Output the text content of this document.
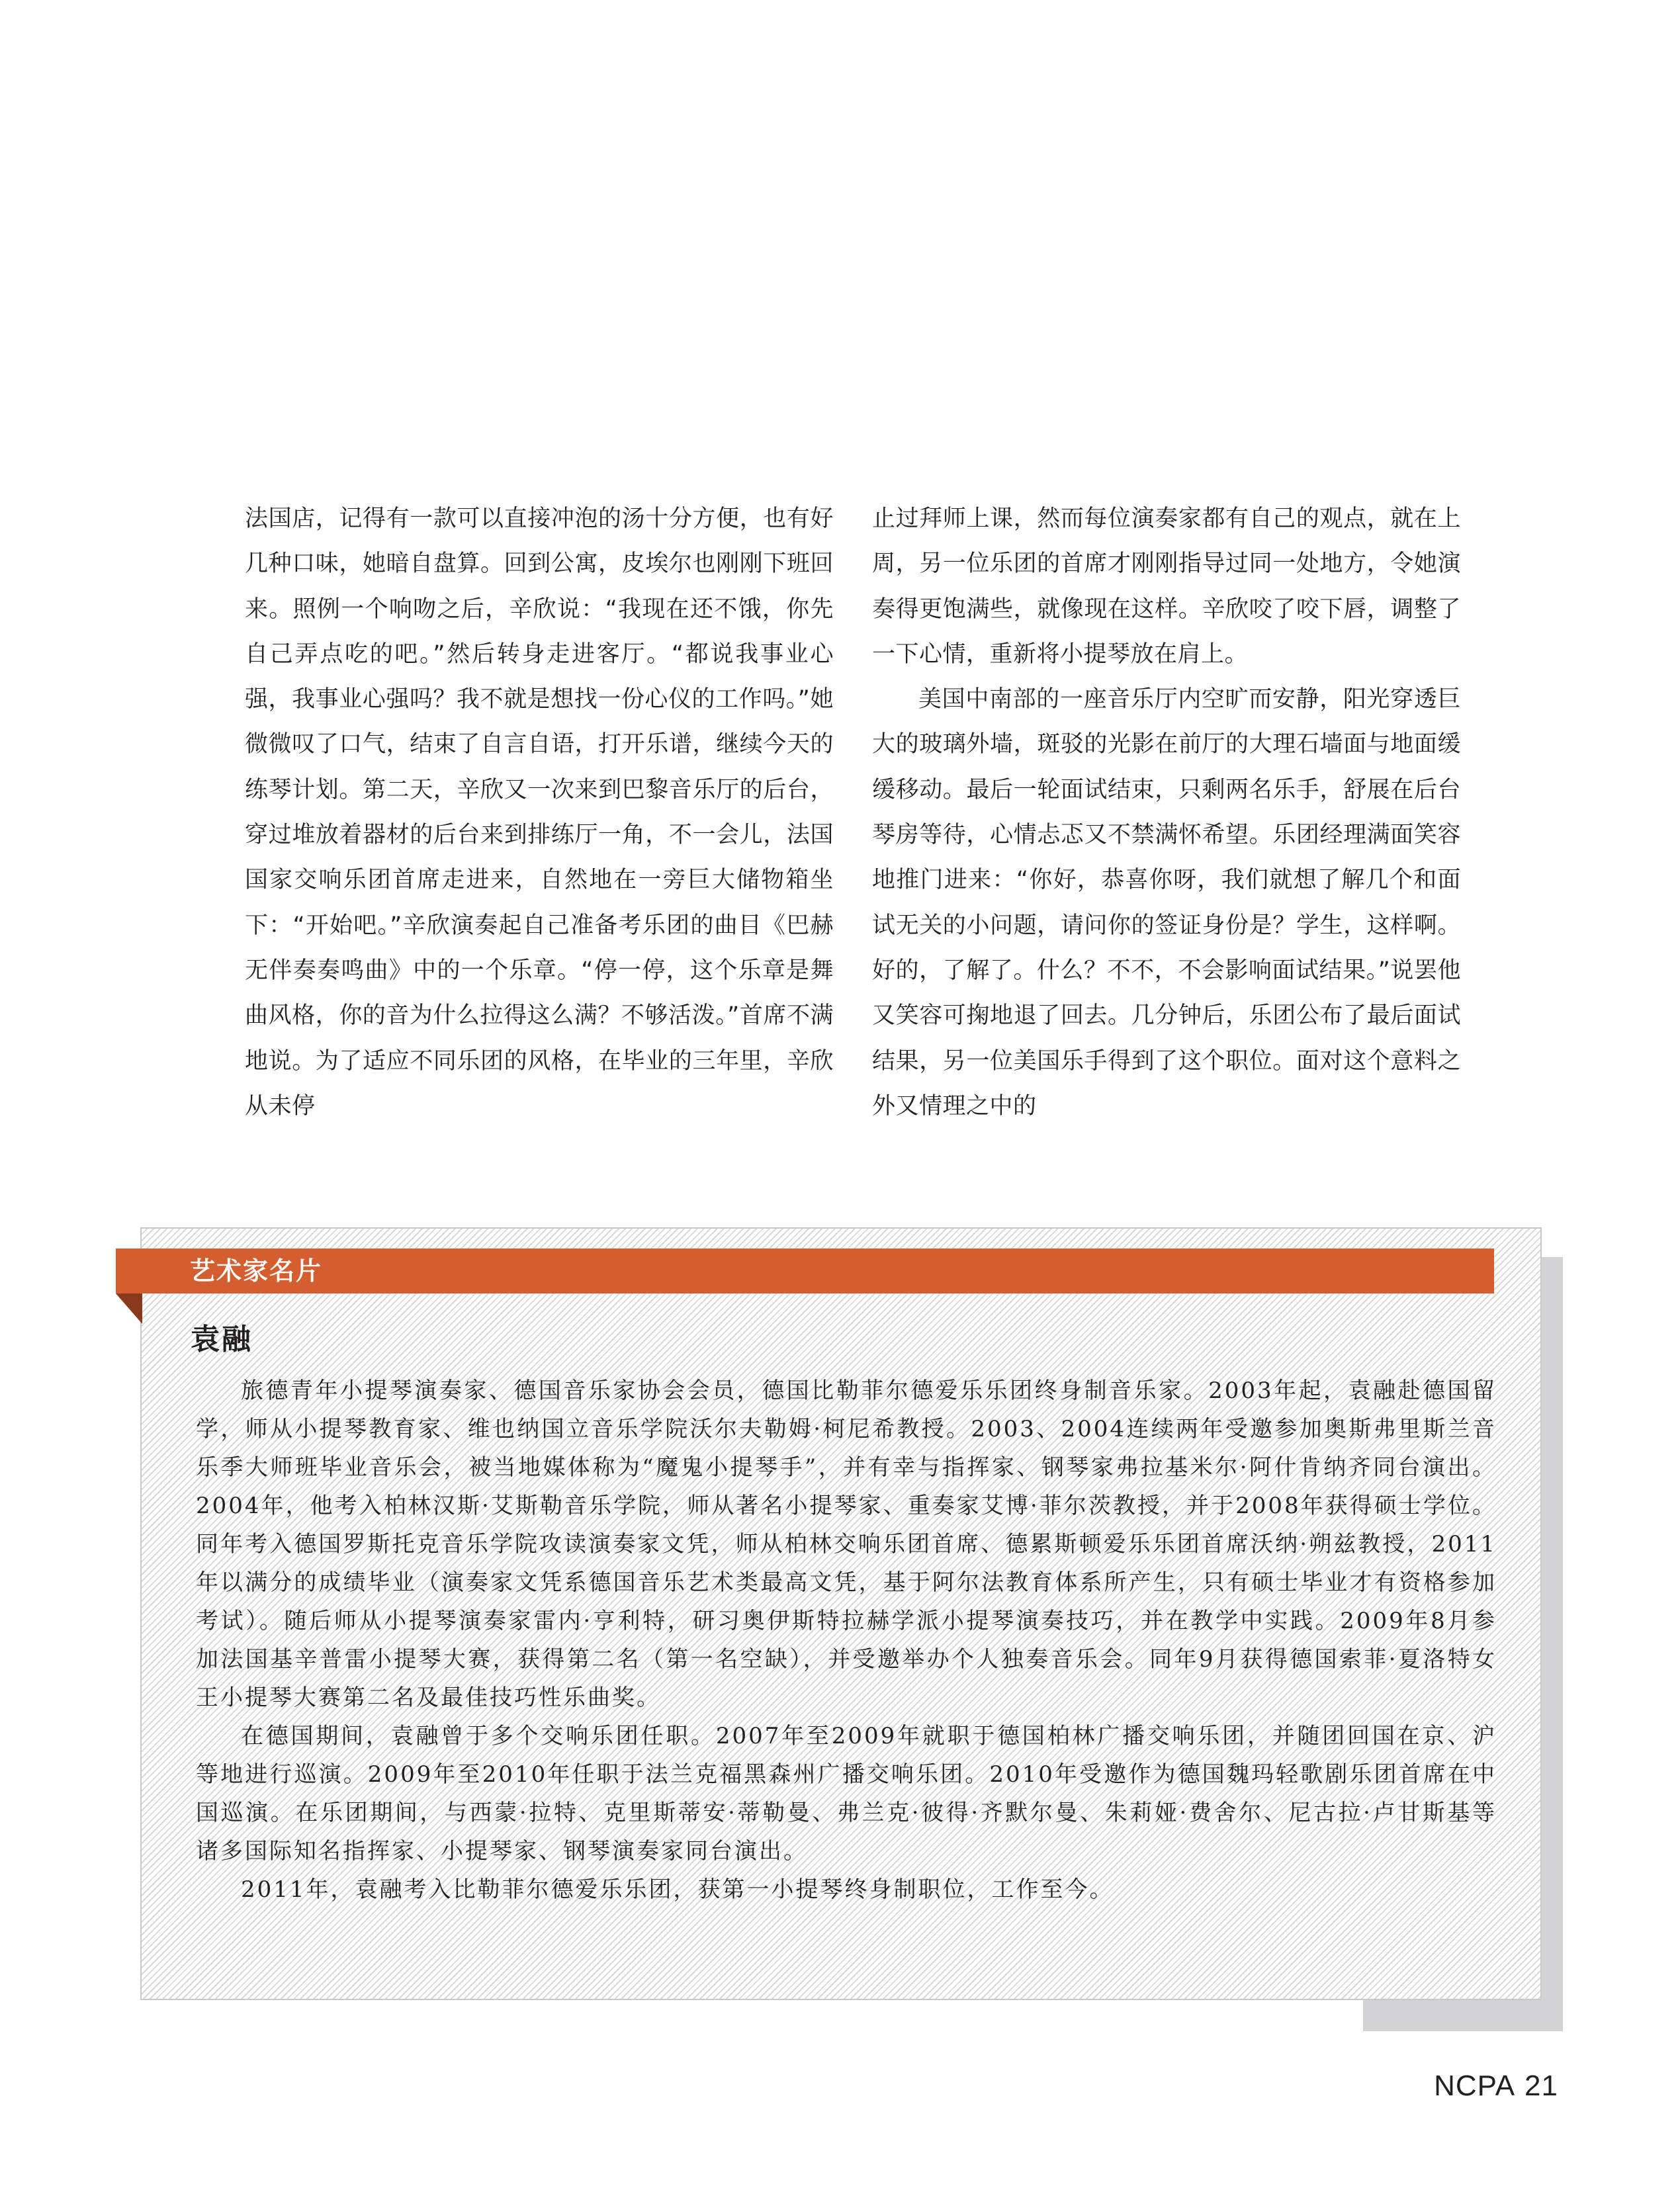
法国店，记得有一款可以直接冲泡的汤十分方便，也有好几种口味，她暗自盘算。回到公寓，皮埃尔也刚刚下班回来。照例一个响吻之后，辛欣说：“我现在还不饿，你先自己弄点吃的吧。”然后转身走进客厅。“都说我事业心强，我事业心强吗？我不就是想找一份心仪的工作吗。”她微微叹了口气，结束了自言自语，打开乐谱，继续今天的练琴计划。第二天，辛欣又一次来到巴黎音乐厅的后台，穿过堆放着器材的后台来到排练厅一角，不一会儿，法国国家交响乐团首席走进来，自然地在一旁巨大储物箱坐下：“开始吧。”辛欣演奏起自己准备考乐团的曲目《巴赫无伴奏奏鸣曲》中的一个乐章。“停一停，这个乐章是舞曲风格，你的音为什么拉得这么满？不够活泼。”首席不满地说。为了适应不同乐团的风格，在毕业的三年里，辛欣从未停

止过拜师上课，然而每位演奏家都有自己的观点，就在上周，另一位乐团的首席才刚刚指导过同一处地方，令她演奏得更饱满些，就像现在这样。辛欣咬了咬下唇，调整了一下心情，重新将小提琴放在肩上。

美国中南部的一座音乐厅内空旷而安静，阳光穿透巨大的玻璃外墙，斑驳的光影在前厅的大理石墙面与地面缓缓移动。最后一轮面试结束，只剩两名乐手，舒展在后台琴房等待，心情忐忑又不禁满怀希望。乐团经理满面笑容地推门进来：“你好，恭喜你呀，我们就想了解几个和面试无关的小问题，请问你的签证身份是？学生，这样啊。好的，了解了。什么？不不，不会影响面试结果。”说罢他又笑容可掬地退了回去。几分钟后，乐团公布了最后面试结果，另一位美国乐手得到了这个职位。面对这个意料之外又情理之中的

艺术家名片
袁融

旅德青年小提琴演奏家、德国音乐家协会会员，德国比勒菲尔德爱乐乐团终身制音乐家。2003年起，袁融赴德国留学，师从小提琴教育家、维也纳国立音乐学院沃尔夫勒姆·柯尼希教授。2003、2004连续两年受邀参加奥斯弗里斯兰音乐季大师班毕业音乐会，被当地媒体称为“魔鬼小提琴手”，并有幸与指挥家、钢琴家弗拉基米尔·阿什肯纳齐同台演出。2004年，他考入柏林汉斯·艾斯勒音乐学院，师从著名小提琴家、重奏家艾博·菲尔茨教授，并于2008年获得硕士学位。同年考入德国罗斯托克音乐学院攻读演奏家文凭，师从柏林交响乐团首席、德累斯顿爱乐乐团首席沃纳·朔兹教授，2011年以满分的成绩毕业（演奏家文凭系德国音乐艺术类最高文凭，基于阿尔法教育体系所产生，只有硕士毕业才有资格参加考试）。随后师从小提琴演奏家雷内·亨利特，研习奥伊斯特拉赫学派小提琴演奏技巧，并在教学中实践。2009年8月参加法国基辛普雷小提琴大赛，获得第二名（第一名空缺），并受邀举办个人独奏音乐会。同年9月获得德国索菲·夏洛特女王小提琴大赛第二名及最佳技巧性乐曲奖。

在德国期间，袁融曾于多个交响乐团任职。2007年至2009年就职于德国柏林广播交响乐团，并随团回国在京、沪等地进行巡演。2009年至2010年任职于法兰克福黑森州广播交响乐团。2010年受邀作为德国魏玛轻歌剧乐团首席在中国巡演。在乐团期间，与西蒙·拉特、克里斯蒂安·蒂勒曼、弗兰克·彼得·齐默尔曼、朱莉娅·费舍尔、尼古拉·卢甘斯基等诸多国际知名指挥家、小提琴家、钢琴演奏家同台演出。

2011年，袁融考入比勒菲尔德爱乐乐团，获第一小提琴终身制职位，工作至今。

NCPA 21
